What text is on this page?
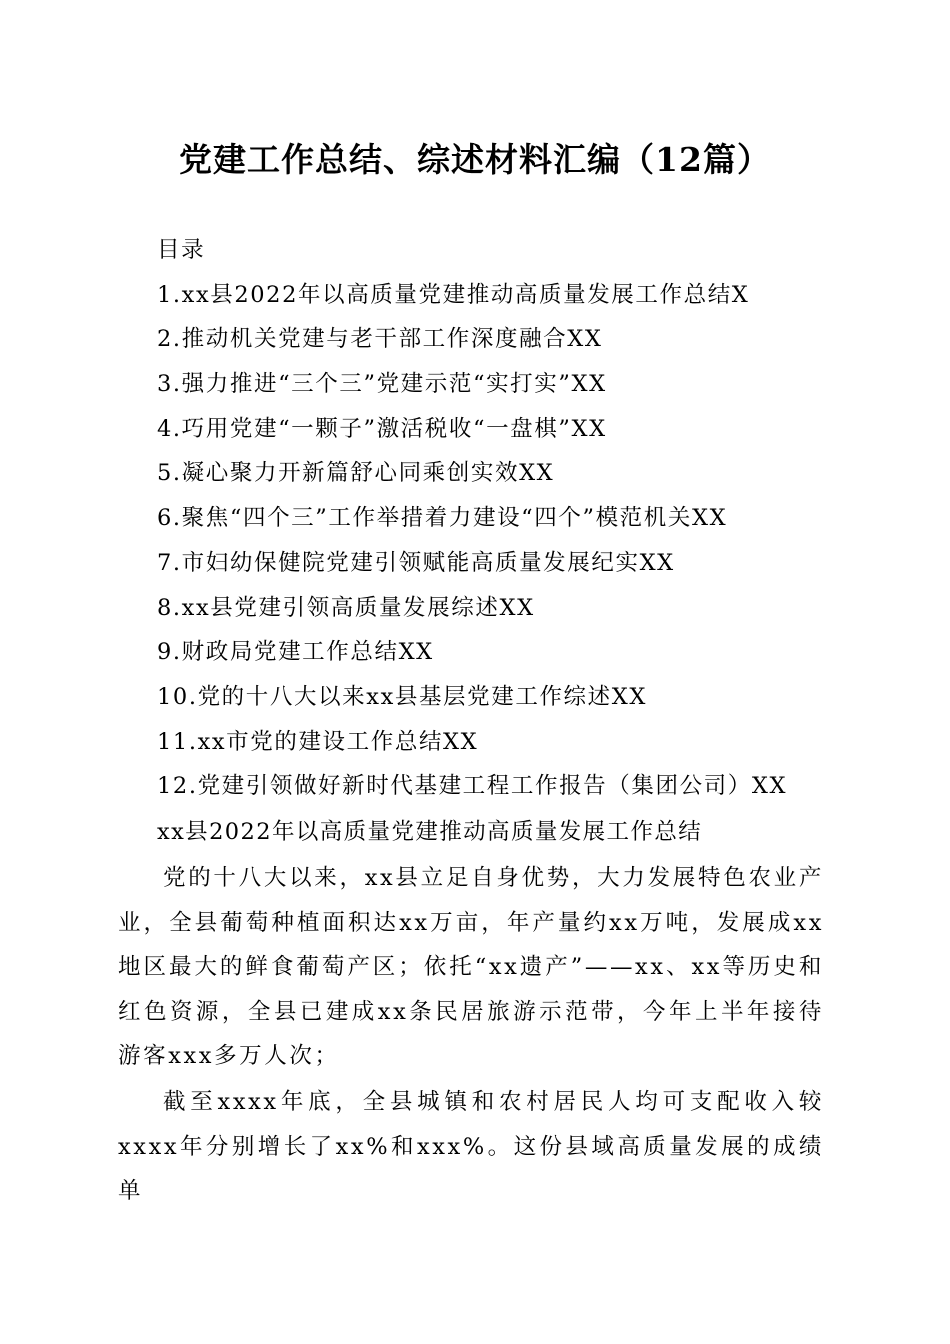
党建工作总结、综述材料汇编（12篇）
目录
1.xx县2022年以高质量党建推动高质量发展工作总结X
2.推动机关党建与老干部工作深度融合XX
3.强力推进“三个三”党建示范“实打实”XX
4.巧用党建“一颗子”激活税收“一盘棋”XX
5.凝心聚力开新篇舒心同乘创实效XX
6.聚焦“四个三”工作举措着力建设“四个”模范机关XX
7.市妇幼保健院党建引领赋能高质量发展纪实XX
8.xx县党建引领高质量发展综述XX
9.财政局党建工作总结XX
10.党的十八大以来xx县基层党建工作综述XX
11.xx市党的建设工作总结XX
12.党建引领做好新时代基建工程工作报告（集团公司）XX
xx县2022年以高质量党建推动高质量发展工作总结

党的十八大以来，xx县立足自身优势，大力发展特色农业产业，全县葡萄种植面积达xx万亩，年产量约xx万吨，发展成xx地区最大的鲜食葡萄产区；依托“xx遗产”——xx、xx等历史和红色资源，全县已建成xx条民居旅游示范带，今年上半年接待游客xxx多万人次；

截至xxxx年底，全县城镇和农村居民人均可支配收入较xxxx年分别增长了xx%和xxx%。这份县域高质量发展的成绩单
